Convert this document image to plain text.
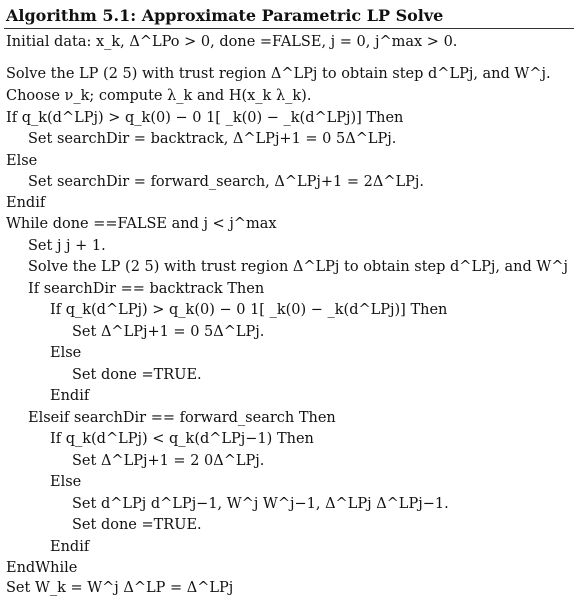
Algorithm 5.1: Approximate Parametric LP Solve
Initial data: x_k, Δ^LPo > 0, done =FALSE, j = 0, j^max > 0.
Solve the LP (2 5) with trust region Δ^LPj to obtain step d^LPj, and W^j.
Choose ν_k; compute λ_k and H(x_k λ_k).
If q_k(d^LPj) > q_k(0) − 0 1[ _k(0) − _k(d^LPj)] Then
Set searchDir = backtrack, Δ^LPj+1 = 0 5Δ^LPj.
Else
Set searchDir = forward_search, Δ^LPj+1 = 2Δ^LPj.
Endif
While done ==FALSE and j < j^max
Set j j + 1.
Solve the LP (2 5) with trust region Δ^LPj to obtain step d^LPj, and W^j
If searchDir == backtrack Then
If q_k(d^LPj) > q_k(0) − 0 1[ _k(0) − _k(d^LPj)] Then
Set Δ^LPj+1 = 0 5Δ^LPj.
Else
Set done =TRUE.
Endif
Elseif searchDir == forward_search Then
If q_k(d^LPj) < q_k(d^LPj−1) Then
Set Δ^LPj+1 = 2 0Δ^LPj.
Else
Set d^LPj d^LPj−1, W^j W^j−1, Δ^LPj Δ^LPj−1.
Set done =TRUE.
Endif
EndWhile
Set W_k = W^j Δ^LP = Δ^LPj
